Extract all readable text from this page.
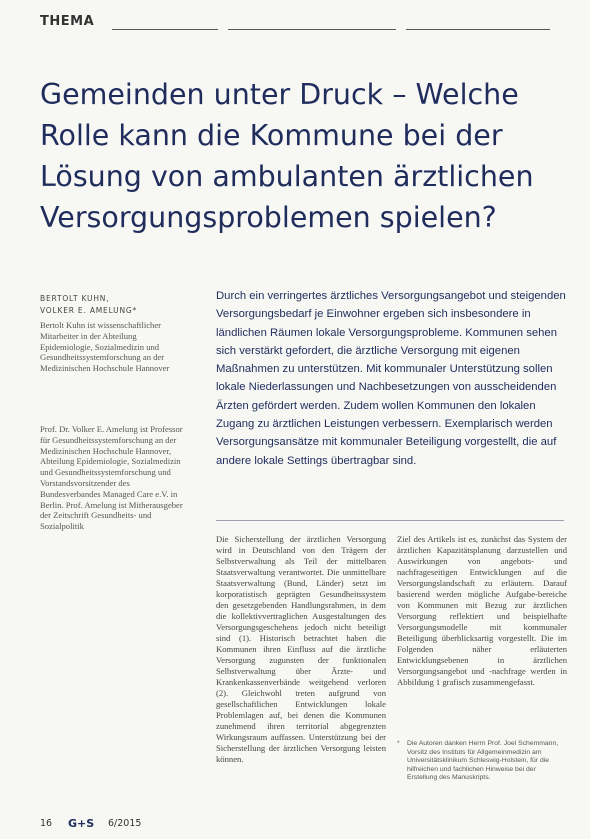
THEMA
Gemeinden unter Druck – Welche Rolle kann die Kommune bei der Lösung von ambulanten ärztlichen Versorgungsproblemen spielen?
BERTOLT KUHN,
VOLKER E. AMELUNG*

Bertolt Kuhn ist wissenschaftlicher Mitarbeiter in der Abteilung Epidemiologie, Sozialmedizin und Gesundheitssystemforschung an der Medizinischen Hochschule Hannover

Prof. Dr. Volker E. Amelung ist Professor für Gesundheitssystemforschung an der Medizinischen Hochschule Hannover, Abteilung Epidemiologie, Sozialmedizin und Gesundheitssystemforschung und Vorstandsvorsitzender des Bundesverbandes Managed Care e.V. in Berlin. Prof. Amelung ist Mitherausgeber der Zeitschrift Gesundheits- und Sozialpolitik

Durch ein verringertes ärztliches Versorgungsangebot und steigenden Versorgungsbedarf je Einwohner ergeben sich insbesondere in ländlichen Räumen lokale Versorgungsprobleme. Kommunen sehen sich verstärkt gefordert, die ärztliche Versorgung mit eigenen Maßnahmen zu unterstützen. Mit kommunaler Unterstützung sollen lokale Niederlassungen und Nachbesetzungen von ausscheidenden Ärzten gefördert werden. Zudem wollen Kommunen den lokalen Zugang zu ärztlichen Leistungen verbessern. Exemplarisch werden Versorgungsansätze mit kommunaler Beteiligung vorgestellt, die auf andere lokale Settings übertragbar sind.

Die Sicherstellung der ärztlichen Versorgung wird in Deutschland von den Trägern der Selbstverwaltung als Teil der mittelbaren Staatsverwaltung verantwortet. Die unmittelbare Staatsverwaltung (Bund, Länder) setzt im korporatistisch geprägten Gesundheitssystem den gesetzgebenden Handlungsrahmen, in dem die kollektivvertraglichen Ausgestaltungen des Versorgungsgeschehens jedoch nicht beteiligt sind (1). Historisch betrachtet haben die Kommunen ihren Einfluss auf die ärztliche Versorgung zugunsten der funktionalen Selbstverwaltung über Ärzte- und Krankenkassenverbände weitgehend verloren (2). Gleichwohl treten aufgrund von gesellschaftlichen Entwicklungen lokale Problemlagen auf, bei denen die Kommunen zunehmend ihren territorial abgegrenzten Wirkungsraum auffassen. Unterstützung bei der Sicherstellung der ärztlichen Versorgung leisten können.

Ziel des Artikels ist es, zunächst das System der ärztlichen Kapazitätsplanung darzustellen und Auswirkungen von angebots- und nachfrageseitigen Entwicklungen auf die Versorgungslandschaft zu erläutern. Darauf basierend werden mögliche Aufgabe-bereiche von Kommunen mit Bezug zur ärztlichen Versorgung reflektiert und beispielhafte Versorgungsmodelle mit kommunaler Beteiligung überblicksartig vorgestellt. Die im Folgenden näher erläuterten Entwicklungsebenen in ärztlichen Versorgungsangebot und -nachfrage werden in Abbildung 1 grafisch zusammengefasst.

* Die Autoren danken Herrn Prof. Joel Schemmann, Vorsitz des Instituts für Allgemeinmedizin am Universitätsklinikum Schleswig-Holstein, für die hilfreichen und fachlichen Hinweise bei der Erstellung des Manuskripts.
16 G+S 6/2015
